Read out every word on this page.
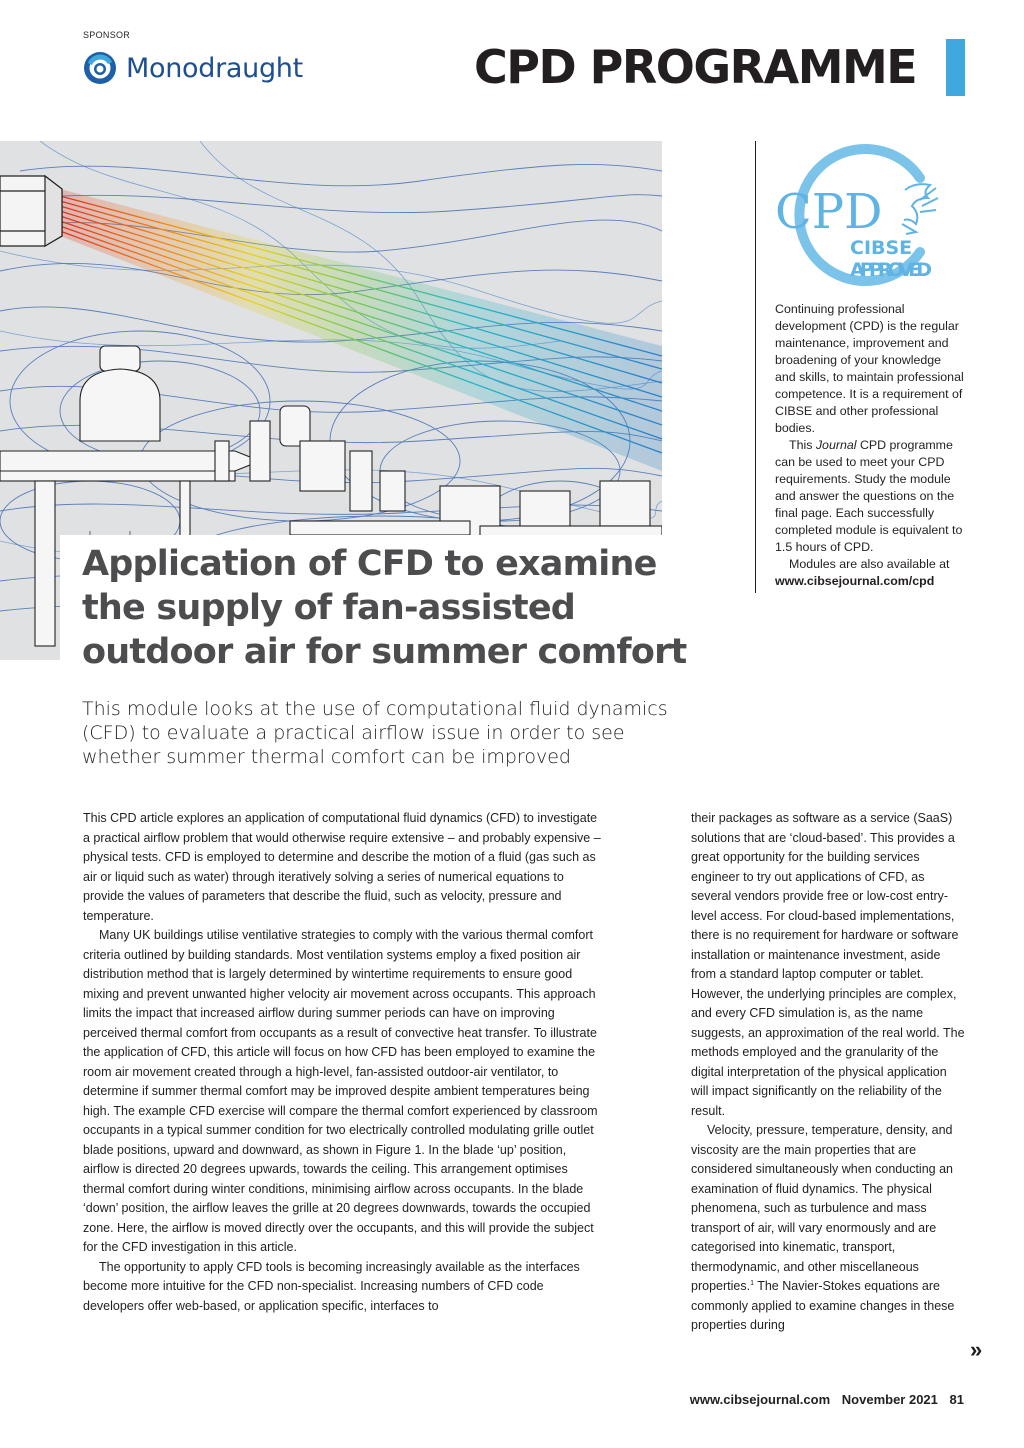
SPONSOR
Monodraught	CPD PROGRAMME
CPD
CIBSE
APPROVED

Continuing professional development (CPD) is the regular maintenance, improvement and broadening of your knowledge and skills, to maintain professional competence. It is a requirement of CIBSE and other professional bodies.

This Journal CPD programme can be used to meet your CPD requirements. Study the module and answer the questions on the final page. Each successfully completed module is equivalent to 1.5 hours of CPD.

Modules are also available at

www.cibsejournal.com/cpd

Application of CFD to examine the supply of fan-assisted outdoor air for summer comfort

This module looks at the use of computational fluid dynamics (CFD) to evaluate a practical airflow issue in order to see whether summer thermal comfort can be improved

This CPD article explores an application of computational fluid dynamics (CFD) to investigate a practical airflow problem that would otherwise require extensive – and probably expensive – physical tests. CFD is employed to determine and describe the motion of a fluid (gas such as air or liquid such as water) through iteratively solving a series of numerical equations to provide the values of parameters that describe the fluid, such as velocity, pressure and temperature.

Many UK buildings utilise ventilative strategies to comply with the various thermal comfort criteria outlined by building standards. Most ventilation systems employ a fixed position air distribution method that is largely determined by wintertime requirements to ensure good mixing and prevent unwanted higher velocity air movement across occupants. This approach limits the impact that increased airflow during summer periods can have on improving perceived thermal comfort from occupants as a result of convective heat transfer. To illustrate the application of CFD, this article will focus on how CFD has been employed to examine the room air movement created through a high-level, fan-assisted outdoor-air ventilator, to determine if summer thermal comfort may be improved despite ambient temperatures being high. The example CFD exercise will compare the thermal comfort experienced by classroom occupants in a typical summer condition for two electrically controlled modulating grille outlet blade positions, upward and downward, as shown in Figure 1. In the blade ‘up’ position, airflow is directed 20 degrees upwards, towards the ceiling. This arrangement optimises thermal comfort during winter conditions, minimising airflow across occupants. In the blade ‘down’ position, the airflow leaves the grille at 20 degrees downwards, towards the occupied zone. Here, the airflow is moved directly over the occupants, and this will provide the subject for the CFD investigation in this article.

The opportunity to apply CFD tools is becoming increasingly available as the interfaces become more intuitive for the CFD non-specialist. Increasing numbers of CFD code developers offer web-based, or application specific, interfaces to

their packages as software as a service (SaaS) solutions that are ‘cloud-based’. This provides a great opportunity for the building services engineer to try out applications of CFD, as several vendors provide free or low-cost entry-level access. For cloud-based implementations, there is no requirement for hardware or software installation or maintenance investment, aside from a standard laptop computer or tablet. However, the underlying principles are complex, and every CFD simulation is, as the name suggests, an approximation of the real world. The methods employed and the granularity of the digital interpretation of the physical application will impact significantly on the reliability of the result.

Velocity, pressure, temperature, density, and viscosity are the main properties that are considered simultaneously when conducting an examination of fluid dynamics. The physical phenomena, such as turbulence and mass transport of air, will vary enormously and are categorised into kinematic, transport, thermodynamic, and other miscellaneous properties.$^1$ The Navier-Stokes equations are commonly applied to examine changes in these properties during

»
www.cibsejournal.com November 2021 81
